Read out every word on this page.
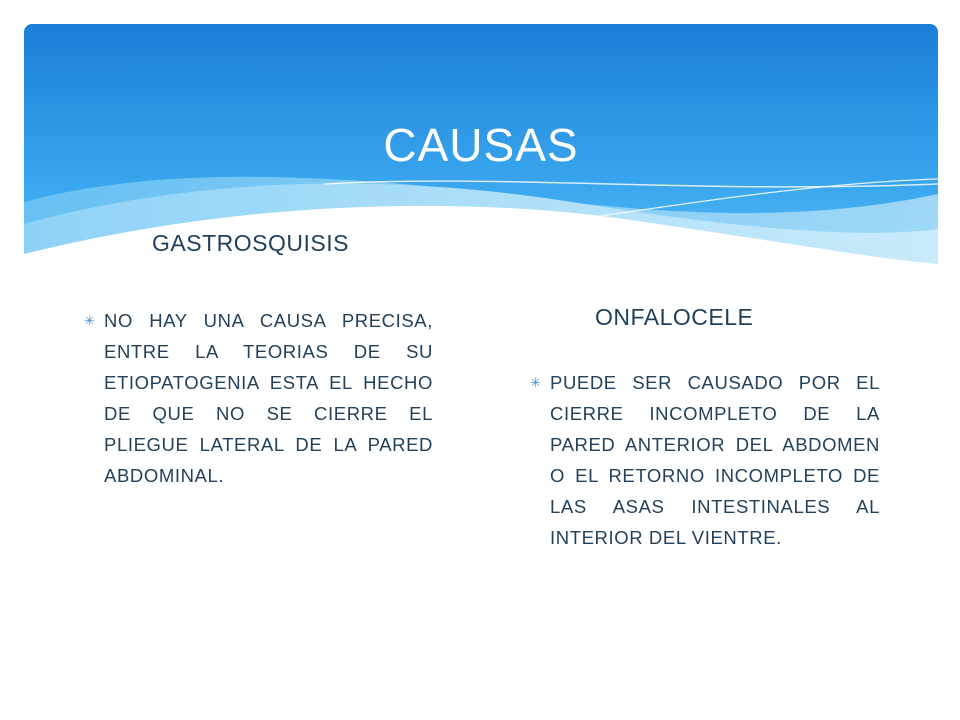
CAUSAS
GASTROSQUISIS
✳ NO HAY UNA CAUSA PRECISA, ENTRE LA TEORIAS DE SU ETIOPATOGENIA ESTA EL HECHO DE QUE NO SE CIERRE EL PLIEGUE LATERAL DE LA PARED ABDOMINAL.
ONFALOCELE
✳ PUEDE SER CAUSADO POR EL CIERRE INCOMPLETO DE LA PARED ANTERIOR DEL ABDOMEN O EL RETORNO INCOMPLETO DE LAS ASAS INTESTINALES AL INTERIOR DEL VIENTRE.
